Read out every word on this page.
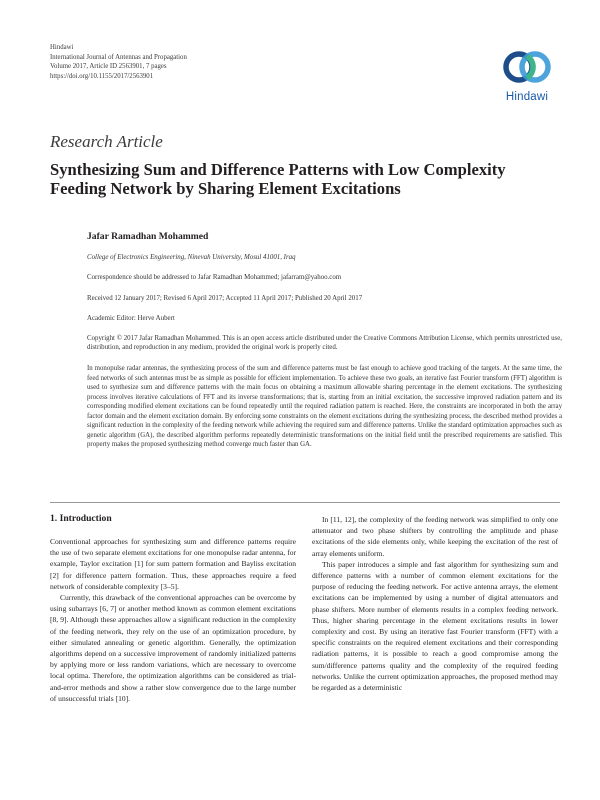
Hindawi
International Journal of Antennas and Propagation
Volume 2017, Article ID 2563901, 7 pages
https://doi.org/10.1155/2017/2563901
Hindawi
Research Article
Synthesizing Sum and Difference Patterns with Low Complexity Feeding Network by Sharing Element Excitations
Jafar Ramadhan Mohammed
College of Electronics Engineering, Ninevah University, Mosul 41001, Iraq
Correspondence should be addressed to Jafar Ramadhan Mohammed; jafarram@yahoo.com
Received 12 January 2017; Revised 6 April 2017; Accepted 11 April 2017; Published 20 April 2017
Academic Editor: Herve Aubert
Copyright © 2017 Jafar Ramadhan Mohammed. This is an open access article distributed under the Creative Commons Attribution License, which permits unrestricted use, distribution, and reproduction in any medium, provided the original work is properly cited.

In monopulse radar antennas, the synthesizing process of the sum and difference patterns must be fast enough to achieve good tracking of the targets. At the same time, the feed networks of such antennas must be as simple as possible for efficient implementation. To achieve these two goals, an iterative fast Fourier transform (FFT) algorithm is used to synthesize sum and difference patterns with the main focus on obtaining a maximum allowable sharing percentage in the element excitations. The synthesizing process involves iterative calculations of FFT and its inverse transformations; that is, starting from an initial excitation, the successive improved radiation pattern and its corresponding modified element excitations can be found repeatedly until the required radiation pattern is reached. Here, the constraints are incorporated in both the array factor domain and the element excitation domain. By enforcing some constraints on the element excitations during the synthesizing process, the described method provides a significant reduction in the complexity of the feeding network while achieving the required sum and difference patterns. Unlike the standard optimization approaches such as genetic algorithm (GA), the described algorithm performs repeatedly deterministic transformations on the initial field until the prescribed requirements are satisfied. This property makes the proposed synthesizing method converge much faster than GA.

1. Introduction

Conventional approaches for synthesizing sum and difference patterns require the use of two separate element excitations for one monopulse radar antenna, for example, Taylor excitation [1] for sum pattern formation and Bayliss excitation [2] for difference pattern formation. Thus, these approaches require a feed network of considerable complexity [3–5].

Currently, this drawback of the conventional approaches can be overcome by using subarrays [6, 7] or another method known as common element excitations [8, 9]. Although these approaches allow a significant reduction in the complexity of the feeding network, they rely on the use of an optimization procedure, by either simulated annealing or genetic algorithm. Generally, the optimization algorithms depend on a successive improvement of randomly initialized patterns by applying more or less random variations, which are necessary to overcome local optima. Therefore, the optimization algorithms can be considered as trial-and-error methods and show a rather slow convergence due to the large number of unsuccessful trials [10].

In [11, 12], the complexity of the feeding network was simplified to only one attenuator and two phase shifters by controlling the amplitude and phase excitations of the side elements only, while keeping the excitation of the rest of array elements uniform.

This paper introduces a simple and fast algorithm for synthesizing sum and difference patterns with a number of common element excitations for the purpose of reducing the feeding network. For active antenna arrays, the element excitations can be implemented by using a number of digital attenuators and phase shifters. More number of elements results in a complex feeding network. Thus, higher sharing percentage in the element excitations results in lower complexity and cost. By using an iterative fast Fourier transform (FFT) with a specific constraints on the required element excitations and their corresponding radiation patterns, it is possible to reach a good compromise among the sum/difference patterns quality and the complexity of the required feeding networks. Unlike the current optimization approaches, the proposed method may be regarded as a deterministic
